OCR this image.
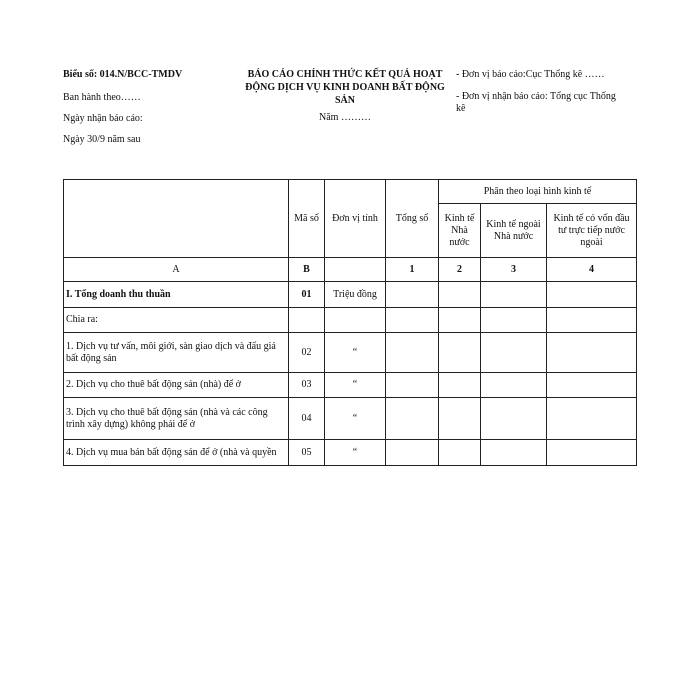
Biểu số: 014.N/BCC-TMDV
Ban hành theo……
Ngày nhận báo cáo:
Ngày 30/9 năm sau
BÁO CÁO CHÍNH THỨC KẾT QUẢ HOẠT
ĐỘNG DỊCH VỤ KINH DOANH BẤT ĐỘNG
SẢN
Năm ………
- Đơn vị báo cáo:Cục Thống kê ……
- Đơn vị nhận báo cáo: Tổng cục Thống
kê
	Mã số	Đơn vị tính	Tổng số	Phân theo loại hình kinh tế		
				Kinh tế Nhà nước	Kinh tế ngoài Nhà nước	Kinh tế có vốn đầu tư trực tiếp nước ngoài
A	B		1	2	3	4
I. Tổng doanh thu thuần	01	Triệu đồng				
Chia ra:						
1. Dịch vụ tư vấn, môi giới, sàn giao dịch và đấu giá bất động sản	02	“				
2. Dịch vụ cho thuê bất động sản (nhà) để ở	03	“				
3. Dịch vụ cho thuê bất động sản (nhà và các công trình xây dựng) không phải để ở	04	“				
4. Dịch vụ mua bán bất động sản để ở (nhà và quyền	05	“				
